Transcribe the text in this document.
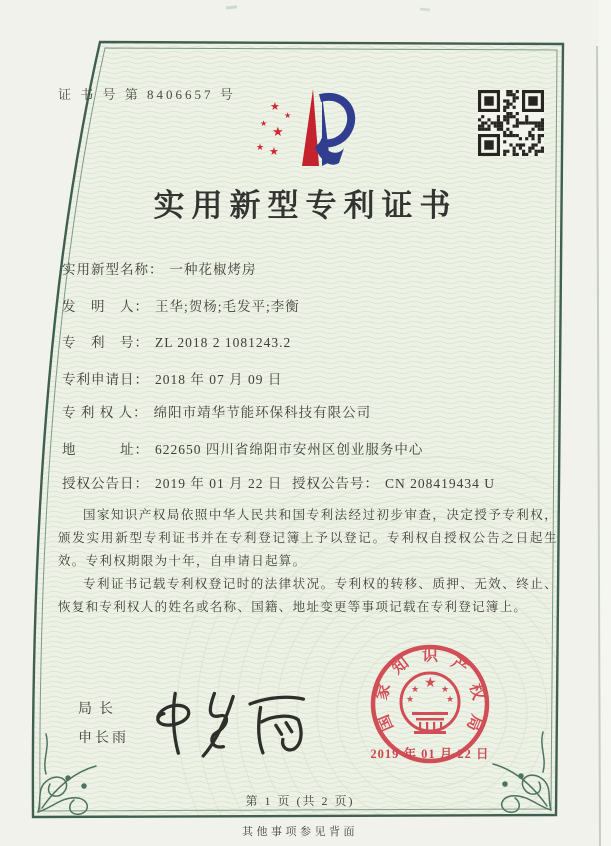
证 书 号 第 8406657 号
★
★
★
★
★ ★
实用新型专利证书
实用新型名称： 一种花椒烤房
发　明　人： 王华;贺杨;毛发平;李衡
专　利　号： ZL 2018 2 1081243.2
专利申请日： 2018 年 07 月 09 日
专 利 权 人： 绵阳市靖华节能环保科技有限公司
地　　　址： 622650 四川省绵阳市安州区创业服务中心
授权公告日： 2019 年 01 月 22 日 授权公告号： CN 208419434 U

国家知识产权局依照中华人民共和国专利法经过初步审查，决定授予专利权，颁发实用新型专利证书并在专利登记簿上予以登记。专利权自授权公告之日起生效。专利权期限为十年，自申请日起算。

专利证书记载专利权登记时的法律状况。专利权的转移、质押、无效、终止、恢复和专利权人的姓名或名称、国籍、地址变更等事项记载在专利登记簿上。

局长
申长雨
国
家
知 识 产
权
局
★
★ ★
★	★
2019 年 01 月 22 日
第 1 页 (共 2 页)
其他事项参见背面
